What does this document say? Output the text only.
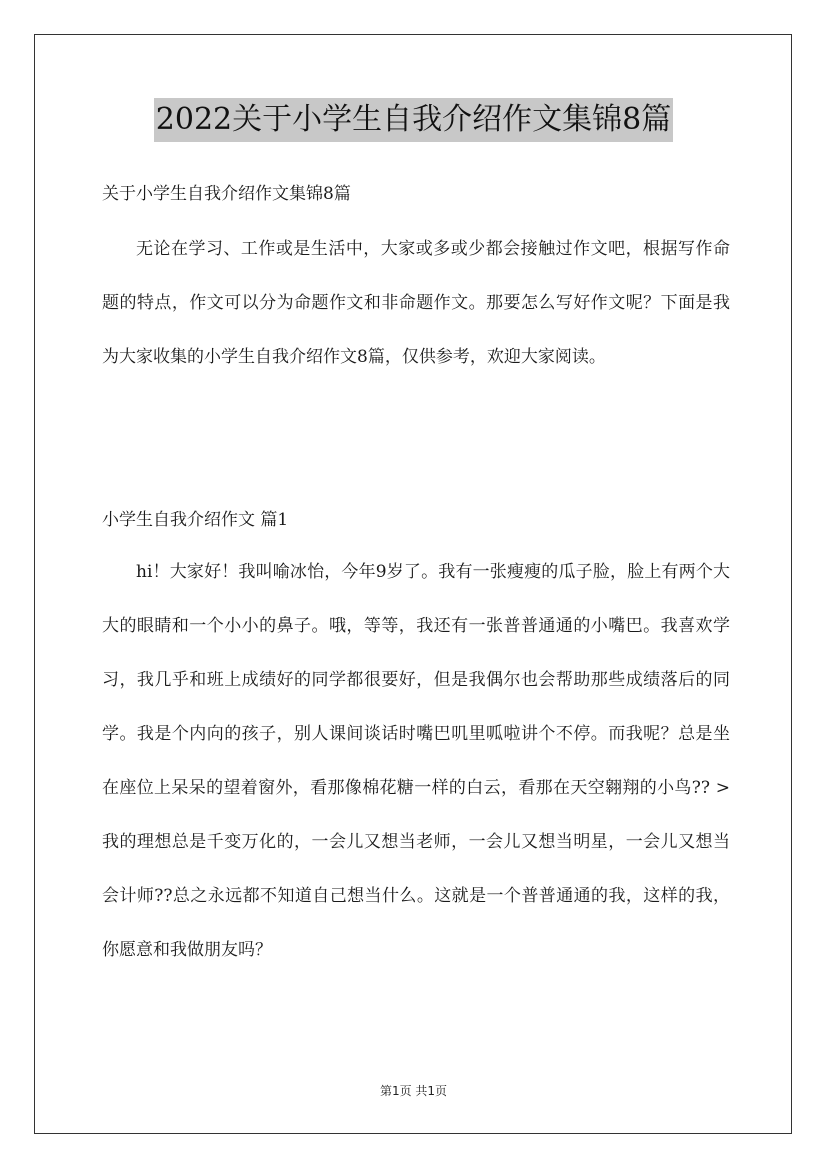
2022关于小学生自我介绍作文集锦8篇
关于小学生自我介绍作文集锦8篇

无论在学习、工作或是生活中，大家或多或少都会接触过作文吧，根据写作命题的特点，作文可以分为命题作文和非命题作文。那要怎么写好作文呢？下面是我为大家收集的小学生自我介绍作文8篇，仅供参考，欢迎大家阅读。

小学生自我介绍作文 篇1

hi！大家好！我叫喻冰怡，今年9岁了。我有一张瘦瘦的瓜子脸，脸上有两个大大的眼睛和一个小小的鼻子。哦，等等，我还有一张普普通通的小嘴巴。我喜欢学习，我几乎和班上成绩好的同学都很要好，但是我偶尔也会帮助那些成绩落后的同学。我是个内向的孩子，别人课间谈话时嘴巴叽里呱啦讲个不停。而我呢？总是坐在座位上呆呆的望着窗外，看那像棉花糖一样的白云，看那在天空翱翔的小鸟?? >我的理想总是千变万化的，一会儿又想当老师，一会儿又想当明星，一会儿又想当会计师??总之永远都不知道自己想当什么。这就是一个普普通通的我，这样的我，你愿意和我做朋友吗？

第1页 共1页
